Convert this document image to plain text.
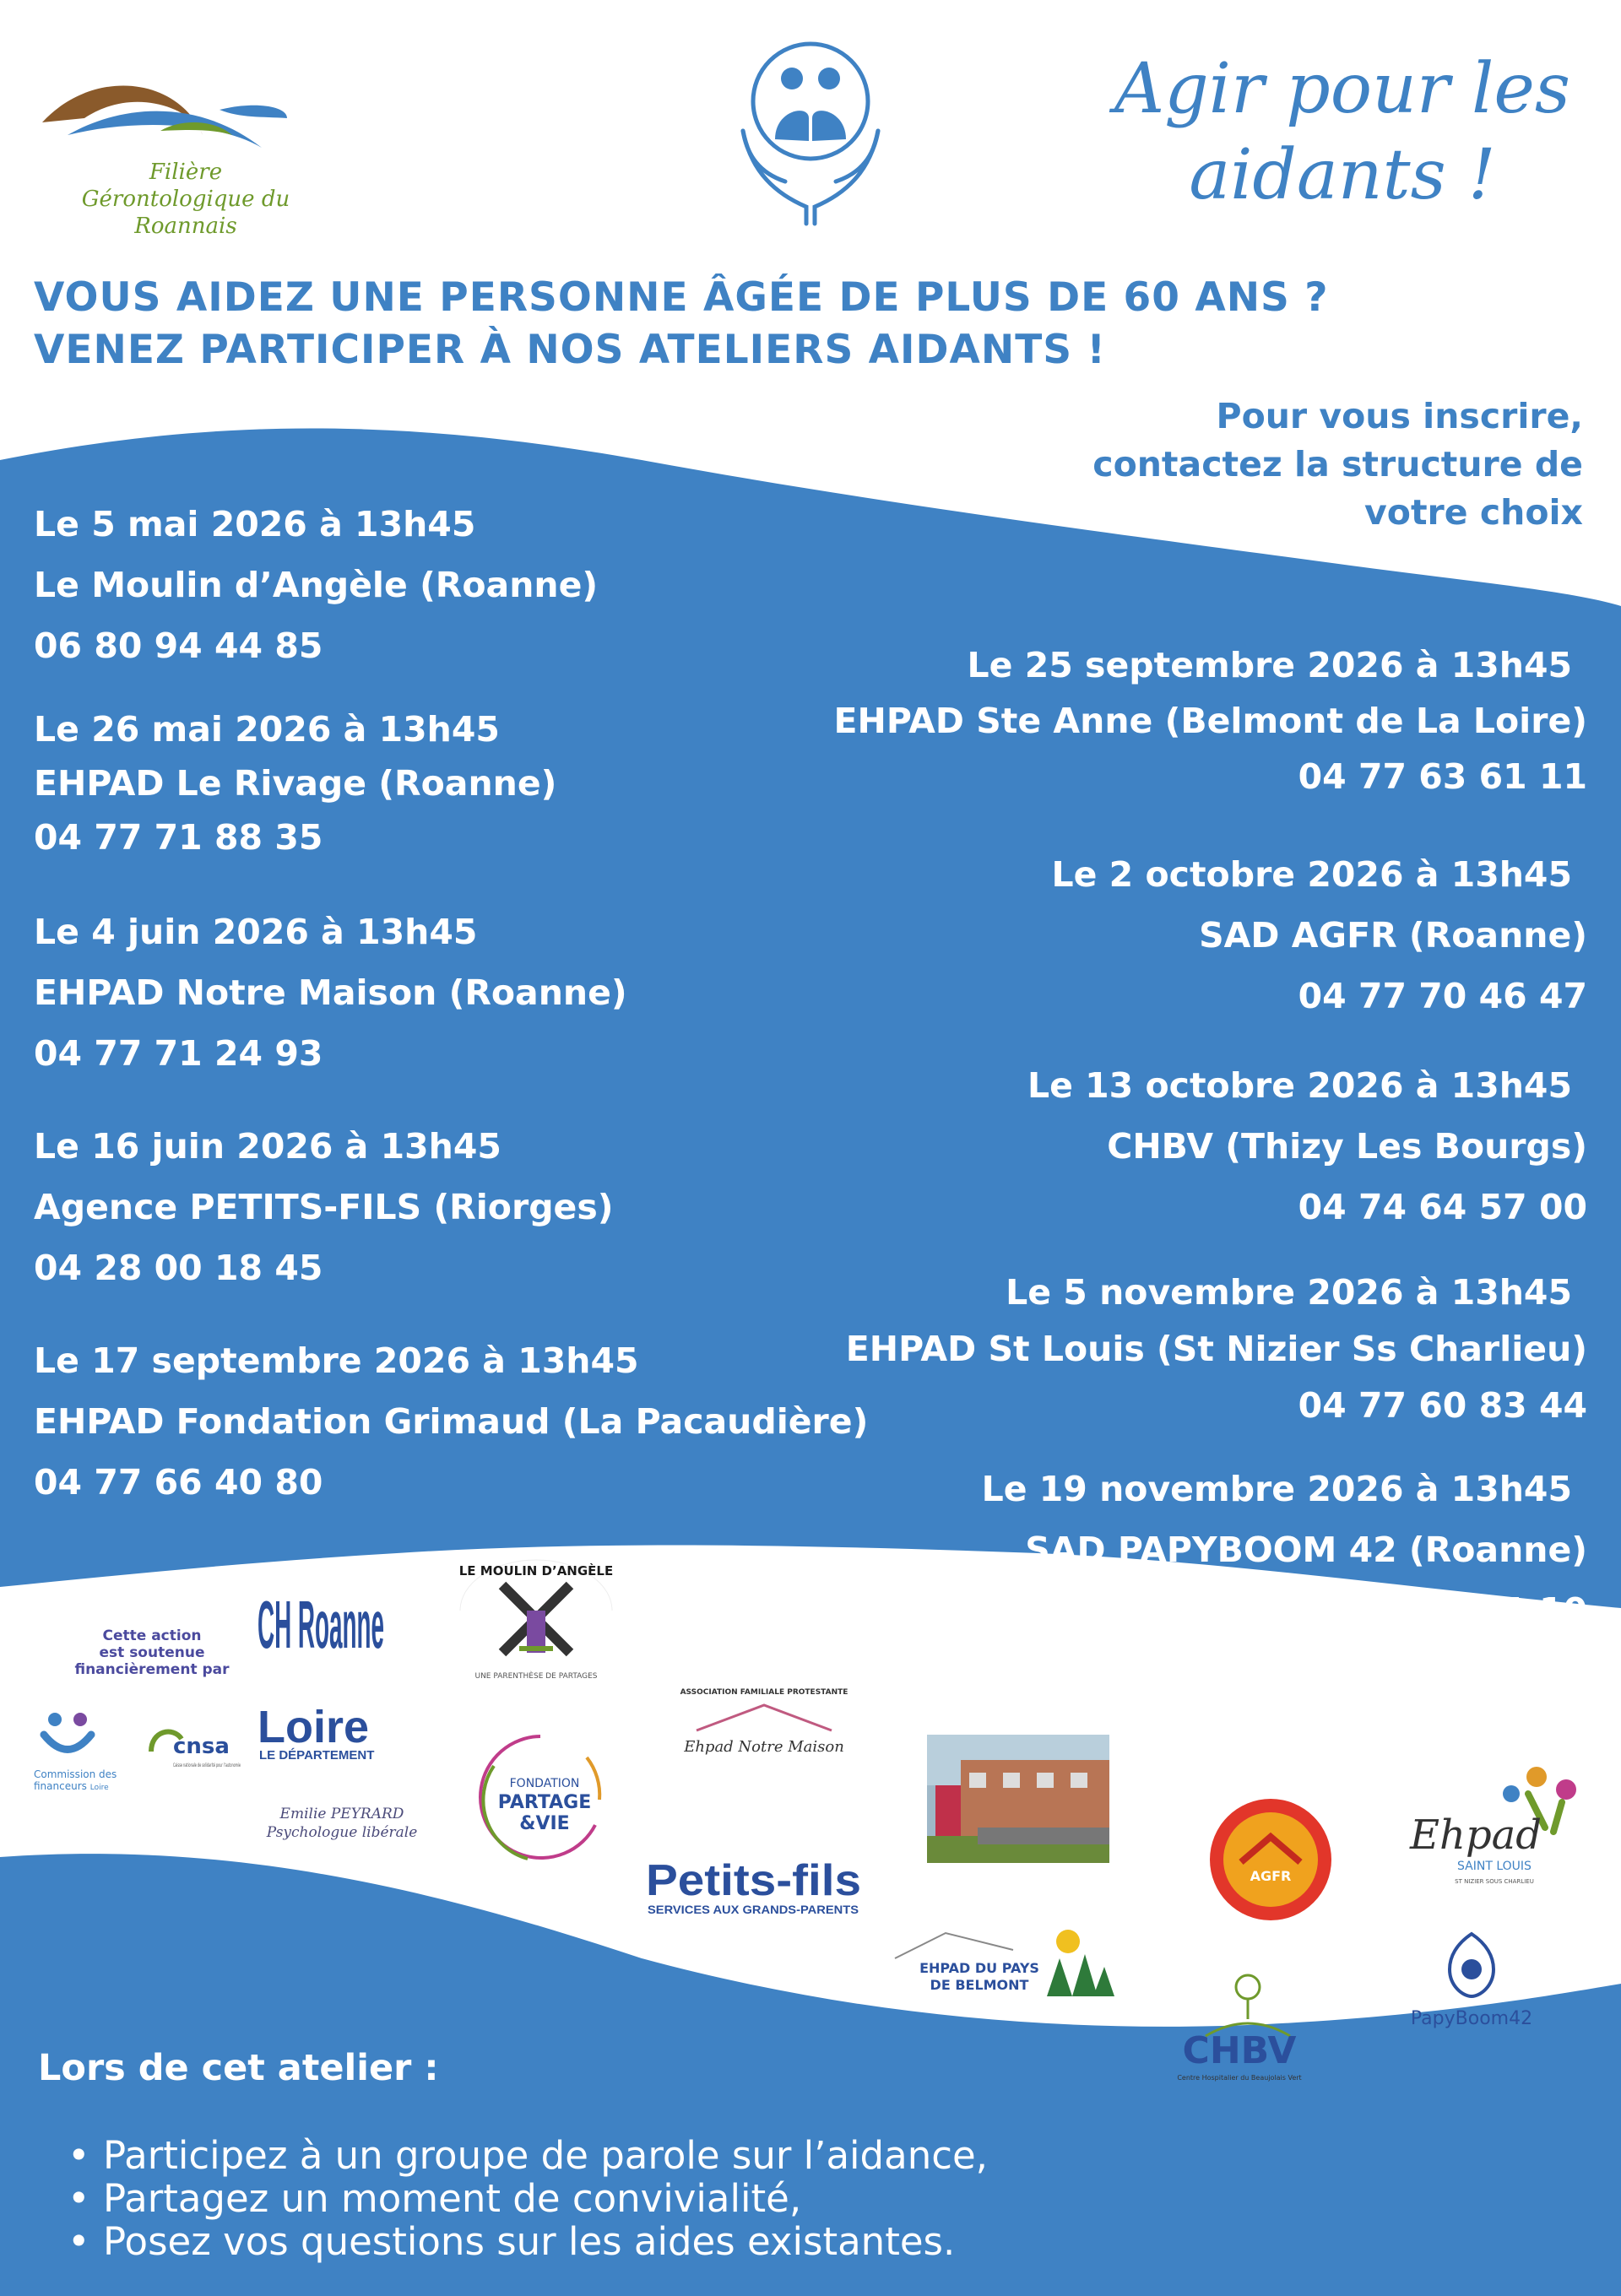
Filière Gérontologique du Roannais
Agir pour les
aidants !
VOUS AIDEZ UNE PERSONNE ÂGÉE DE PLUS DE 60 ANS ?
VENEZ PARTICIPER À NOS ATELIERS AIDANTS !
Pour vous inscrire,
contactez la structure de
votre choix
Le 5 mai 2026 à 13h45
Le Moulin d’Angèle (Roanne)
06 80 94 44 85
Le 26 mai 2026 à 13h45
EHPAD Le Rivage (Roanne)
04 77 71 88 35
Le 4 juin 2026 à 13h45
EHPAD Notre Maison (Roanne)
04 77 71 24 93
Le 16 juin 2026 à 13h45
Agence PETITS-FILS (Riorges)
04 28 00 18 45
Le 17 septembre 2026 à 13h45
EHPAD Fondation Grimaud (La Pacaudière)
04 77 66 40 80
Le 25 septembre 2026 à 13h45
EHPAD Ste Anne (Belmont de La Loire)
04 77 63 61 11
Le 2 octobre 2026 à 13h45
SAD AGFR (Roanne)
04 77 70 46 47
Le 13 octobre 2026 à 13h45
CHBV (Thizy Les Bourgs)
04 74 64 57 00
Le 5 novembre 2026 à 13h45
EHPAD St Louis (St Nizier Ss Charlieu)
04 77 60 83 44
Le 19 novembre 2026 à 13h45
SAD PAPYBOOM 42 (Roanne)
04 28 72 01 10
Cette action
est soutenue
financièrement par
CH Roanne
LE MOULIN D’ANGÈLE
UNE PARENTHÈSE DE PARTAGES
Commission des financeurs Loire
cnsa
Caisse nationale de solidarité pour l’autonomie
Loire
LE DÉPARTEMENT
Emilie PEYRARD
Psychologue libérale
FONDATION
PARTAGE
&VIE
ASSOCIATION FAMILIALE PROTESTANTE
Ehpad Notre Maison
Petits-fils
SERVICES AUX GRANDS-PARENTS
AGFR
Ehpad
SAINT LOUIS
ST NIZIER SOUS CHARLIEU
EHPAD DU PAYS
DE BELMONT
CHBV
Centre Hospitalier du Beaujolais Vert
PapyBoom42
Lors de cet atelier :
• Participez à un groupe de parole sur l’aidance,
• Partagez un moment de convivialité,
• Posez vos questions sur les aides existantes.
